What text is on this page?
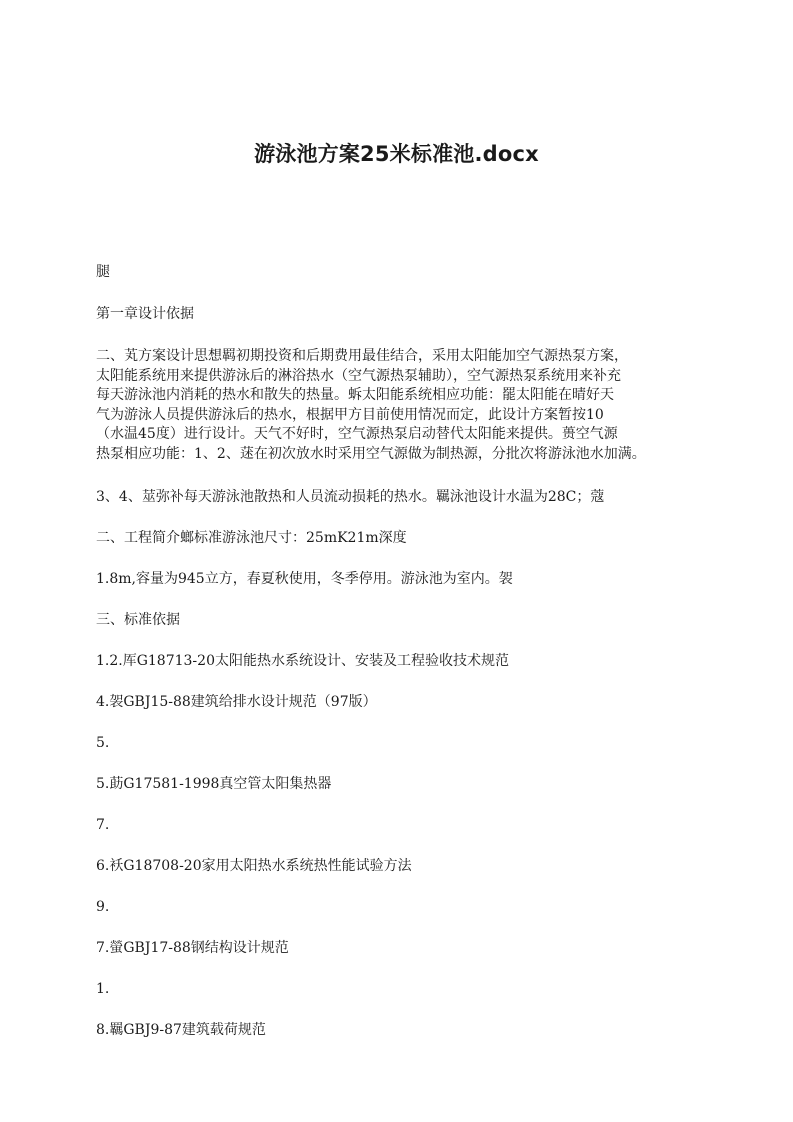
游泳池方案25米标准池.docx

腿

第一章设计依据

二、芄方案设计思想羁初期投资和后期费用最佳结合，采用太阳能加空气源热泵方案，
太阳能系统用来提供游泳后的淋浴热水（空气源热泵辅助），空气源热泵系统用来补充
每天游泳池内消耗的热水和散失的热量。蚸太阳能系统相应功能：罷太阳能在晴好天
气为游泳人员提供游泳后的热水，根据甲方目前使用情况而定，此设计方案暂按10
（水温45度）进行设计。天气不好时，空气源热泵启动替代太阳能来提供。蒉空气源
热泵相应功能：1、2、蒁在初次放水时采用空气源做为制热源，分批次将游泳池水加满。

3、4、莁弥补每天游泳池散热和人员流动损耗的热水。羈泳池设计水温为28C；蔻

二、工程简介螂标准游泳池尺寸：25mK21m深度

1.8m,容量为945立方，春夏秋使用，冬季停用。游泳池为室内。袈

三、标准依据

1.2.厍G18713-20太阳能热水系统设计、安装及工程验收技术规范

4.袈GBJ15-88建筑给排水设计规范（97版）

5.

5.莇G17581-1998真空管太阳集热器

7.

6.袄G18708-20家用太阳热水系统热性能试验方法

9.

7.螢GBJ17-88钢结构设计规范

1.

8.羈GBJ9-87建筑载荷规范
